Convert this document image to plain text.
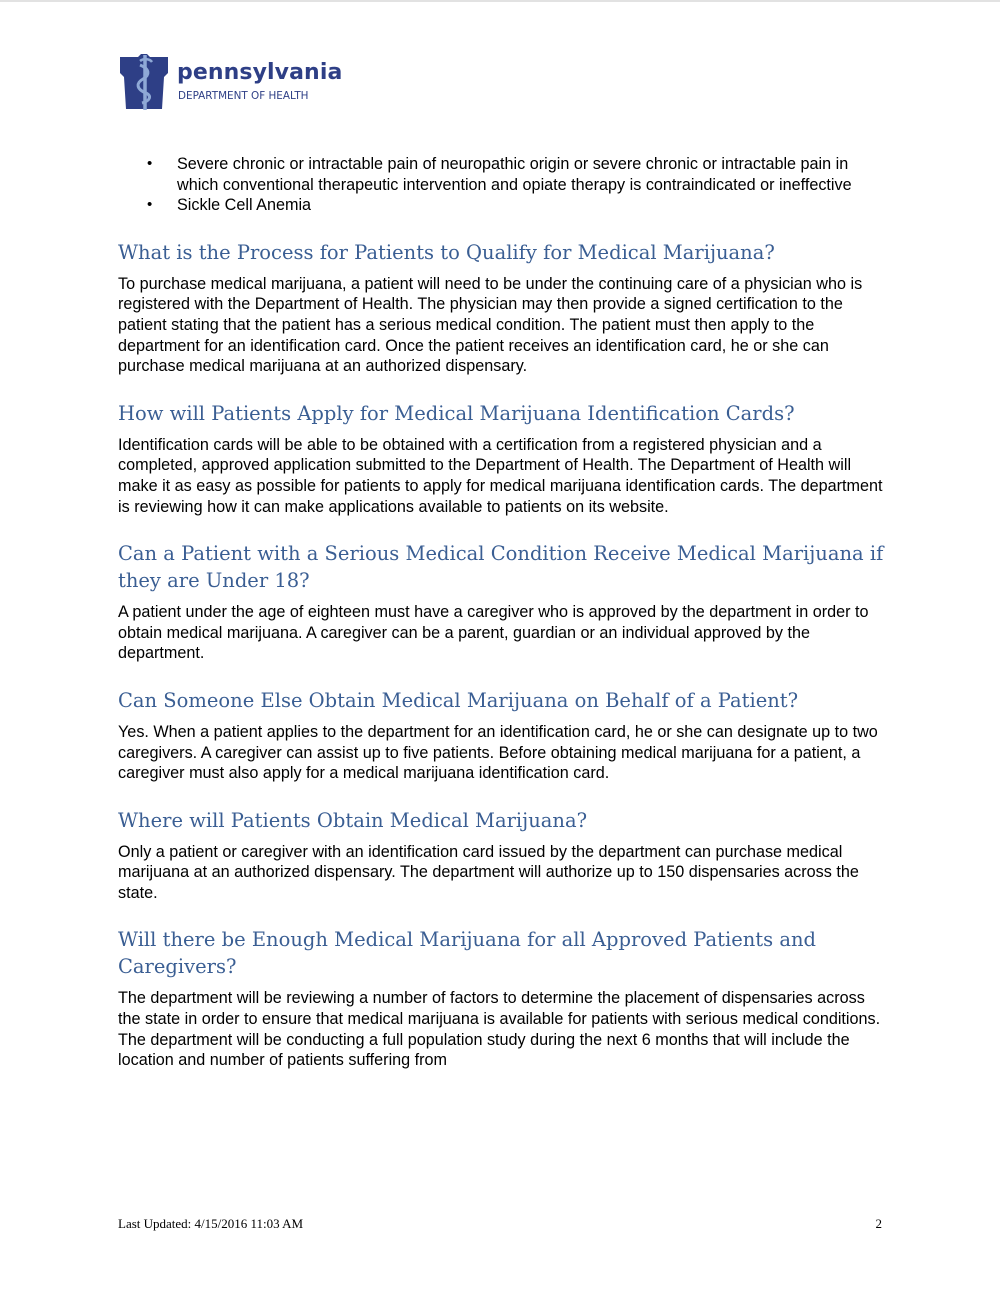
pennsylvania
DEPARTMENT OF HEALTH
• Severe chronic or intractable pain of neuropathic origin or severe chronic or intractable pain in which conventional therapeutic intervention and opiate therapy is contraindicated or ineffective
• Sickle Cell Anemia
What is the Process for Patients to Qualify for Medical Marijuana?

To purchase medical marijuana, a patient will need to be under the continuing care of a physician who is registered with the Department of Health. The physician may then provide a signed certification to the patient stating that the patient has a serious medical condition. The patient must then apply to the department for an identification card. Once the patient receives an identification card, he or she can purchase medical marijuana at an authorized dispensary.

How will Patients Apply for Medical Marijuana Identification Cards?

Identification cards will be able to be obtained with a certification from a registered physician and a completed, approved application submitted to the Department of Health. The Department of Health will make it as easy as possible for patients to apply for medical marijuana identification cards. The department is reviewing how it can make applications available to patients on its website.

Can a Patient with a Serious Medical Condition Receive Medical Marijuana if they are Under 18?

A patient under the age of eighteen must have a caregiver who is approved by the department in order to obtain medical marijuana. A caregiver can be a parent, guardian or an individual approved by the department.

Can Someone Else Obtain Medical Marijuana on Behalf of a Patient?

Yes. When a patient applies to the department for an identification card, he or she can designate up to two caregivers. A caregiver can assist up to five patients. Before obtaining medical marijuana for a patient, a caregiver must also apply for a medical marijuana identification card.

Where will Patients Obtain Medical Marijuana?

Only a patient or caregiver with an identification card issued by the department can purchase medical marijuana at an authorized dispensary. The department will authorize up to 150 dispensaries across the state.

Will there be Enough Medical Marijuana for all Approved Patients and Caregivers?

The department will be reviewing a number of factors to determine the placement of dispensaries across the state in order to ensure that medical marijuana is available for patients with serious medical conditions. The department will be conducting a full population study during the next 6 months that will include the location and number of patients suffering from

Last Updated: 4/15/2016 11:03 AM	2
